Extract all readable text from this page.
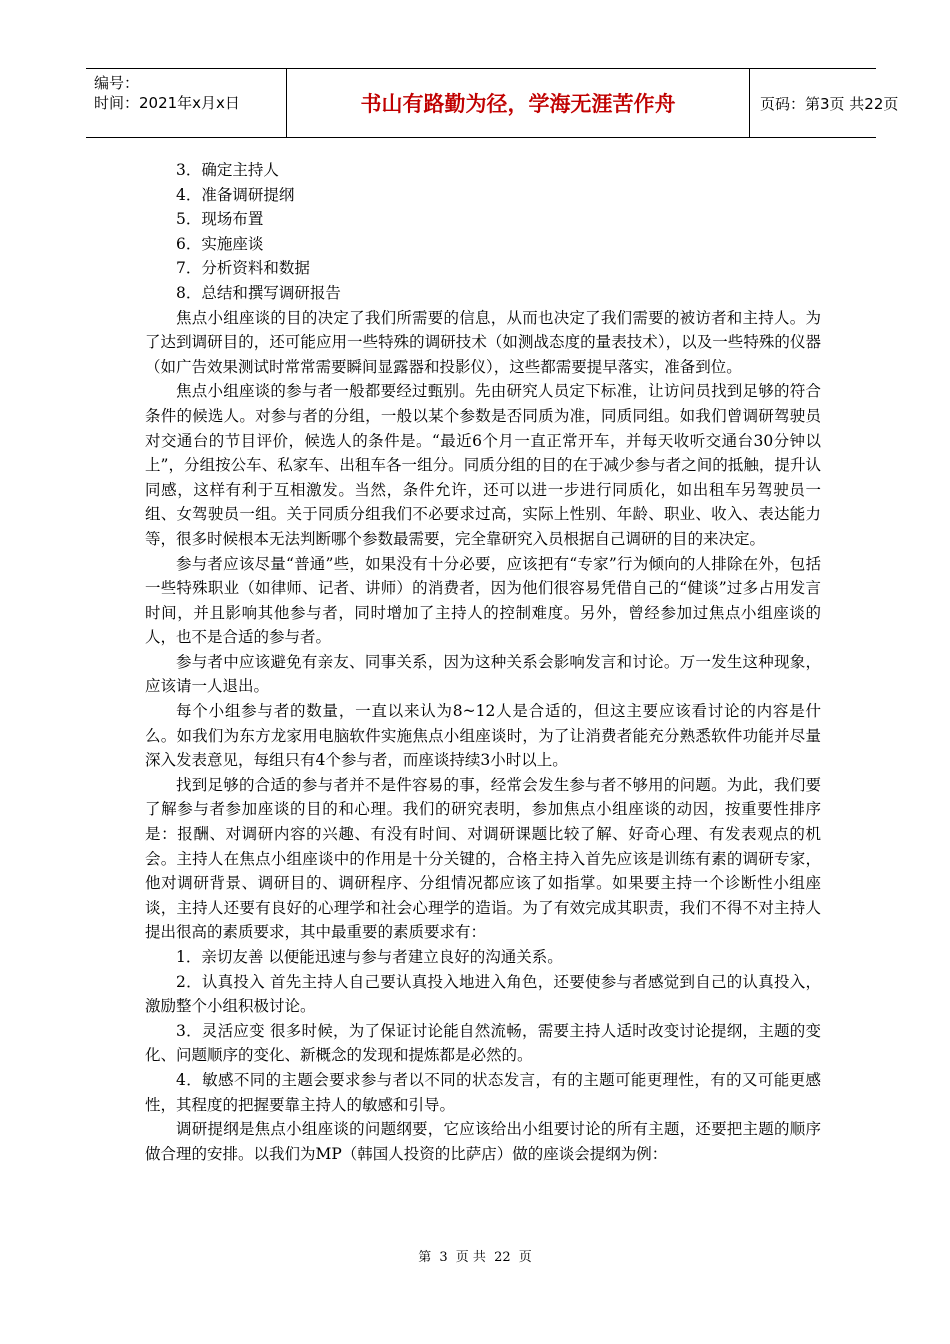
编号：
时间：2021年x月x日	书山有路勤为径，学海无涯苦作舟	页码：第3页 共22页

3．确定主持人

4．准备调研提纲

5．现场布置

6．实施座谈

7．分析资料和数据

8．总结和撰写调研报告

焦点小组座谈的目的决定了我们所需要的信息，从而也决定了我们需要的被访者和主持人。为了达到调研目的，还可能应用一些特殊的调研技术（如测战态度的量表技术），以及一些特殊的仪器（如广告效果测试时常常需要瞬间显露器和投影仪），这些都需要提早落实，准备到位。

焦点小组座谈的参与者一般都要经过甄别。先由研究人员定下标准，让访问员找到足够的符合条件的候选人。对参与者的分组，一般以某个参数是否同质为准，同质同组。如我们曾调研驾驶员对交通台的节目评价，候选人的条件是。“最近6个月一直正常开车，并每天收听交通台30分钟以上”，分组按公车、私家车、出租车各一组分。同质分组的目的在于减少参与者之间的抵触，提升认同感，这样有利于互相激发。当然，条件允许，还可以进一步进行同质化，如出租车另驾驶员一组、女驾驶员一组。关于同质分组我们不必要求过高，实际上性别、年龄、职业、收入、表达能力等，很多时候根本无法判断哪个参数最需要，完全靠研究入员根据自己调研的目的来决定。

参与者应该尽量“普通”些，如果没有十分必要，应该把有“专家”行为倾向的人排除在外，包括一些特殊职业（如律师、记者、讲师）的消费者，因为他们很容易凭借自己的“健谈”过多占用发言时间，并且影响其他参与者，同时增加了主持人的控制难度。另外，曾经参加过焦点小组座谈的人，也不是合适的参与者。

参与者中应该避免有亲友、同事关系，因为这种关系会影响发言和讨论。万一发生这种现象，应该请一人退出。

每个小组参与者的数量，一直以来认为8~12人是合适的，但这主要应该看讨论的内容是什么。如我们为东方龙家用电脑软件实施焦点小组座谈时，为了让消费者能充分熟悉软件功能并尽量深入发表意见，每组只有4个参与者，而座谈持续3小时以上。

找到足够的合适的参与者并不是件容易的事，经常会发生参与者不够用的问题。为此，我们要了解参与者参加座谈的目的和心理。我们的研究表明，参加焦点小组座谈的动因，按重要性排序是：报酬、对调研内容的兴趣、有没有时间、对调研课题比较了解、好奇心理、有发表观点的机会。主持人在焦点小组座谈中的作用是十分关键的，合格主持入首先应该是训练有素的调研专家，他对调研背景、调研目的、调研程序、分组情况都应该了如指掌。如果要主持一个诊断性小组座谈，主持人还要有良好的心理学和社会心理学的造诣。为了有效完成其职责，我们不得不对主持人提出很高的素质要求，其中最重要的素质要求有：

1．亲切友善 以便能迅速与参与者建立良好的沟通关系。

2．认真投入 首先主持人自己要认真投入地进入角色，还要使参与者感觉到自己的认真投入，激励整个小组积极讨论。

3．灵活应变 很多时候，为了保证讨论能自然流畅，需要主持人适时改变讨论提纲，主题的变化、问题顺序的变化、新概念的发现和提炼都是必然的。

4．敏感不同的主题会要求参与者以不同的状态发言，有的主题可能更理性，有的又可能更感性，其程度的把握要靠主持人的敏感和引导。

调研提纲是焦点小组座谈的问题纲要，它应该给出小组要讨论的所有主题，还要把主题的顺序做合理的安排。以我们为MP（韩国人投资的比萨店）做的座谈会提纲为例：

第 3 页 共 22 页
